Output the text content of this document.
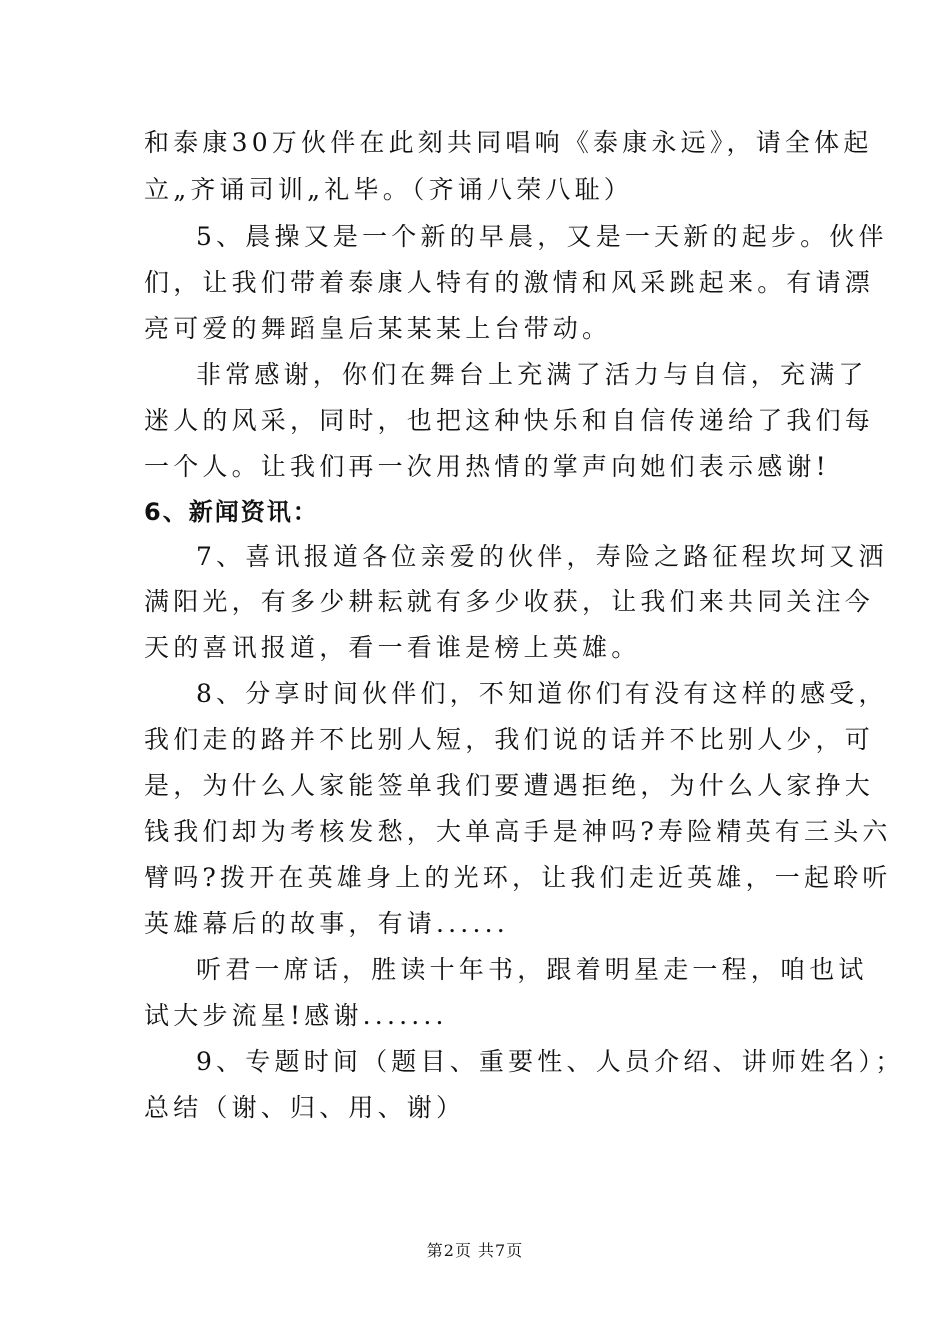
和泰康30万伙伴在此刻共同唱响《泰康永远》，请全体起
立„齐诵司训„礼毕。（齐诵八荣八耻）
5、晨操又是一个新的早晨，又是一天新的起步。伙伴
们，让我们带着泰康人特有的激情和风采跳起来。有请漂
亮可爱的舞蹈皇后某某某上台带动。
非常感谢，你们在舞台上充满了活力与自信，充满了
迷人的风采，同时，也把这种快乐和自信传递给了我们每
一个人。让我们再一次用热情的掌声向她们表示感谢!
6、新闻资讯：
7、喜讯报道各位亲爱的伙伴，寿险之路征程坎坷又洒
满阳光，有多少耕耘就有多少收获，让我们来共同关注今
天的喜讯报道，看一看谁是榜上英雄。
8、分享时间伙伴们，不知道你们有没有这样的感受，
我们走的路并不比别人短，我们说的话并不比别人少，可
是，为什么人家能签单我们要遭遇拒绝，为什么人家挣大
钱我们却为考核发愁，大单高手是神吗?寿险精英有三头六
臂吗?拨开在英雄身上的光环，让我们走近英雄，一起聆听
英雄幕后的故事，有请......
听君一席话，胜读十年书，跟着明星走一程，咱也试
试大步流星!感谢.......
9、专题时间（题目、重要性、人员介绍、讲师姓名）；
总结（谢、归、用、谢）
第2页 共7页
